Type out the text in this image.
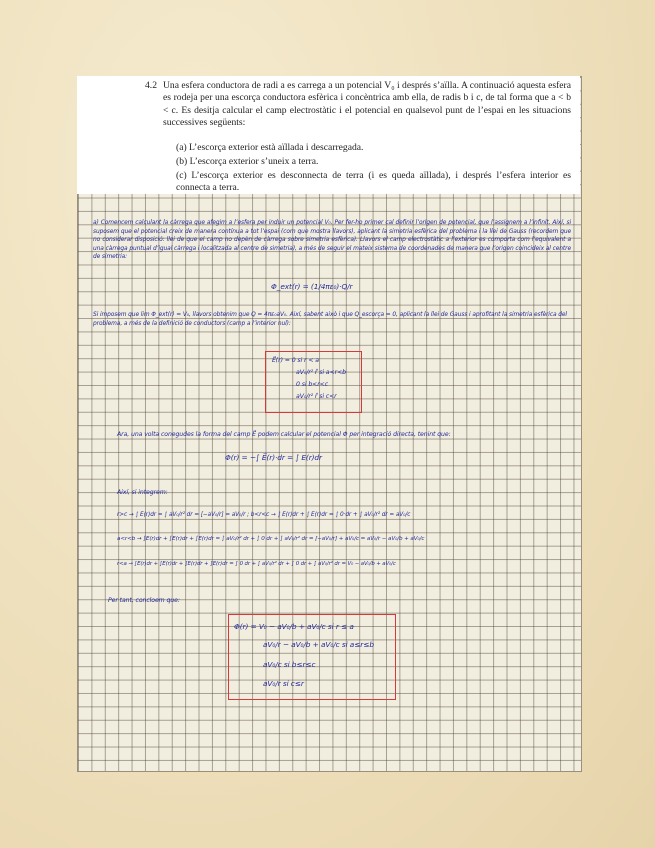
4.2 Una esfera conductora de radi a es carrega a un potencial V₀ i després s’aïlla. A continuació aquesta esfera es rodeja per una escorça conductora esfèrica i concèntrica amb ella, de radis b i c, de tal forma que a < b < c. Es desitja calcular el camp electrostàtic i el potencial en qualsevol punt de l’espai en les situacions successives següents:
(a) L’escorça exterior està aïllada i descarregada.
(b) L’escorça exterior s’uneix a terra.
(c) L’escorça exterior es desconnecta de terra (i es queda aïllada), i després l’esfera interior es connecta a terra.
a) Comencem calculant la càrrega que afegim a l’esfera per induir un potencial V₀. Per fer-ho primer cal definir l’origen de potencial, que l’assignem a l’infinit. Així, si suposem que el potencial creix de manera contínua a tot l’espai (com que mostra llavors), aplicant la simetria esfèrica del problema i la llei de Gauss (recordem que no considerar disposició: llei de que el camp no depèn de càrrega sobre simetria esfèrica). Llavors el camp electrostàtic a l’exterior es comporta com l’equivalent a una càrrega puntual d’igual càrrega i localitzada al centre de simetria), a més de seguir el mateix sistema de coordenades de manera que l’origen coincideix al centre de simetria:
Φ_ext(r) = (1/4πε₀)·Q/r
Si imposem que lim Φ_ext(r) = V₀, llavors obtenim que Q = 4πε₀aV₀. Així, sabent això i que Q_escorça = 0, aplicant la llei de Gauss i aprofitant la simetria esfèrica del problema, a més de la definició de conductors (camp a l’interior nul):
E⃗(r) = 0 si r < a
aV₀/r² r̂ si a<r<b
0 si b<r<c
aV₀/r² r̂ si c<r
Ara, una volta conegudes la forma del camp E⃗ podem calcular el potencial Φ per integració directa, tenint que:
Φ(r) = −∫ E⃗(r)·dr = ∫ E(r)dr
Així, si integrem:
r>c → ∫ E(r)dr = ∫ aV₀/r² dr = [−aV₀/r] = aV₀/r ; b<r<c → ∫ E(r)dr + ∫ E(r)dr = ∫ 0·dr + ∫ aV₀/r² dr = aV₀/c
a<r<b → ∫E(r)dr + ∫E(r)dr + ∫E(r)dr = ∫ aV₀/r² dr + ∫ 0 dr + ∫ aV₀/r² dr = [−aV₀/r] + aV₀/c = aV₀/r − aV₀/b + aV₀/c
r<a → ∫E(r)dr + ∫E(r)dr + ∫E(r)dr + ∫E(r)dr = ∫ 0 dr + ∫ aV₀/r² dr + ∫ 0 dr + ∫ aV₀/r² dr = V₀ − aV₀/b + aV₀/c
Per tant, concloem que:
Φ(r) = V₀ − aV₀/b + aV₀/c si r ≤ a
aV₀/r − aV₀/b + aV₀/c si a≤r≤b
aV₀/c si b≤r≤c
aV₀/r si c≤r
